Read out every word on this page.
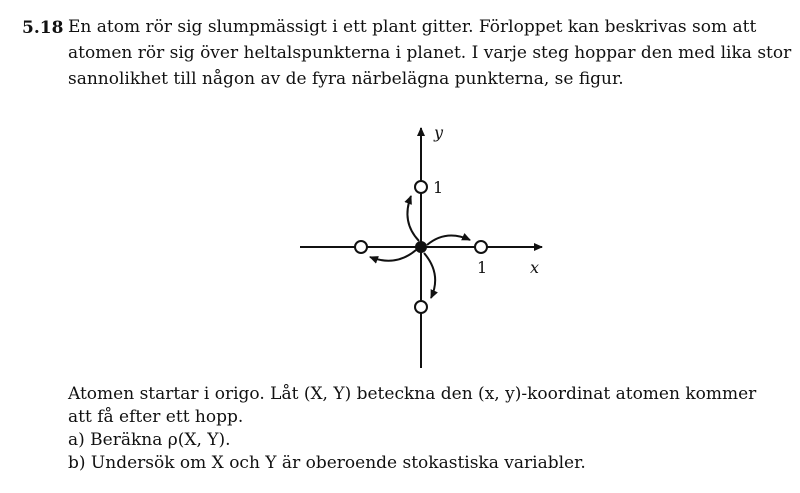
5.18 En atom rör sig slumpmässigt i ett plant gitter. Förloppet kan beskrivas som att
atomen rör sig över heltalspunkterna i planet. I varje steg hoppar den med lika stor
sannolikhet till någon av de fyra närbelägna punkterna, se figur.
y
1
1	x
Atomen startar i origo. Låt (X, Y) beteckna den (x, y)-koordinat atomen kommer
att få efter ett hopp.
a) Beräkna ρ(X, Y).
b) Undersök om X och Y är oberoende stokastiska variabler.
